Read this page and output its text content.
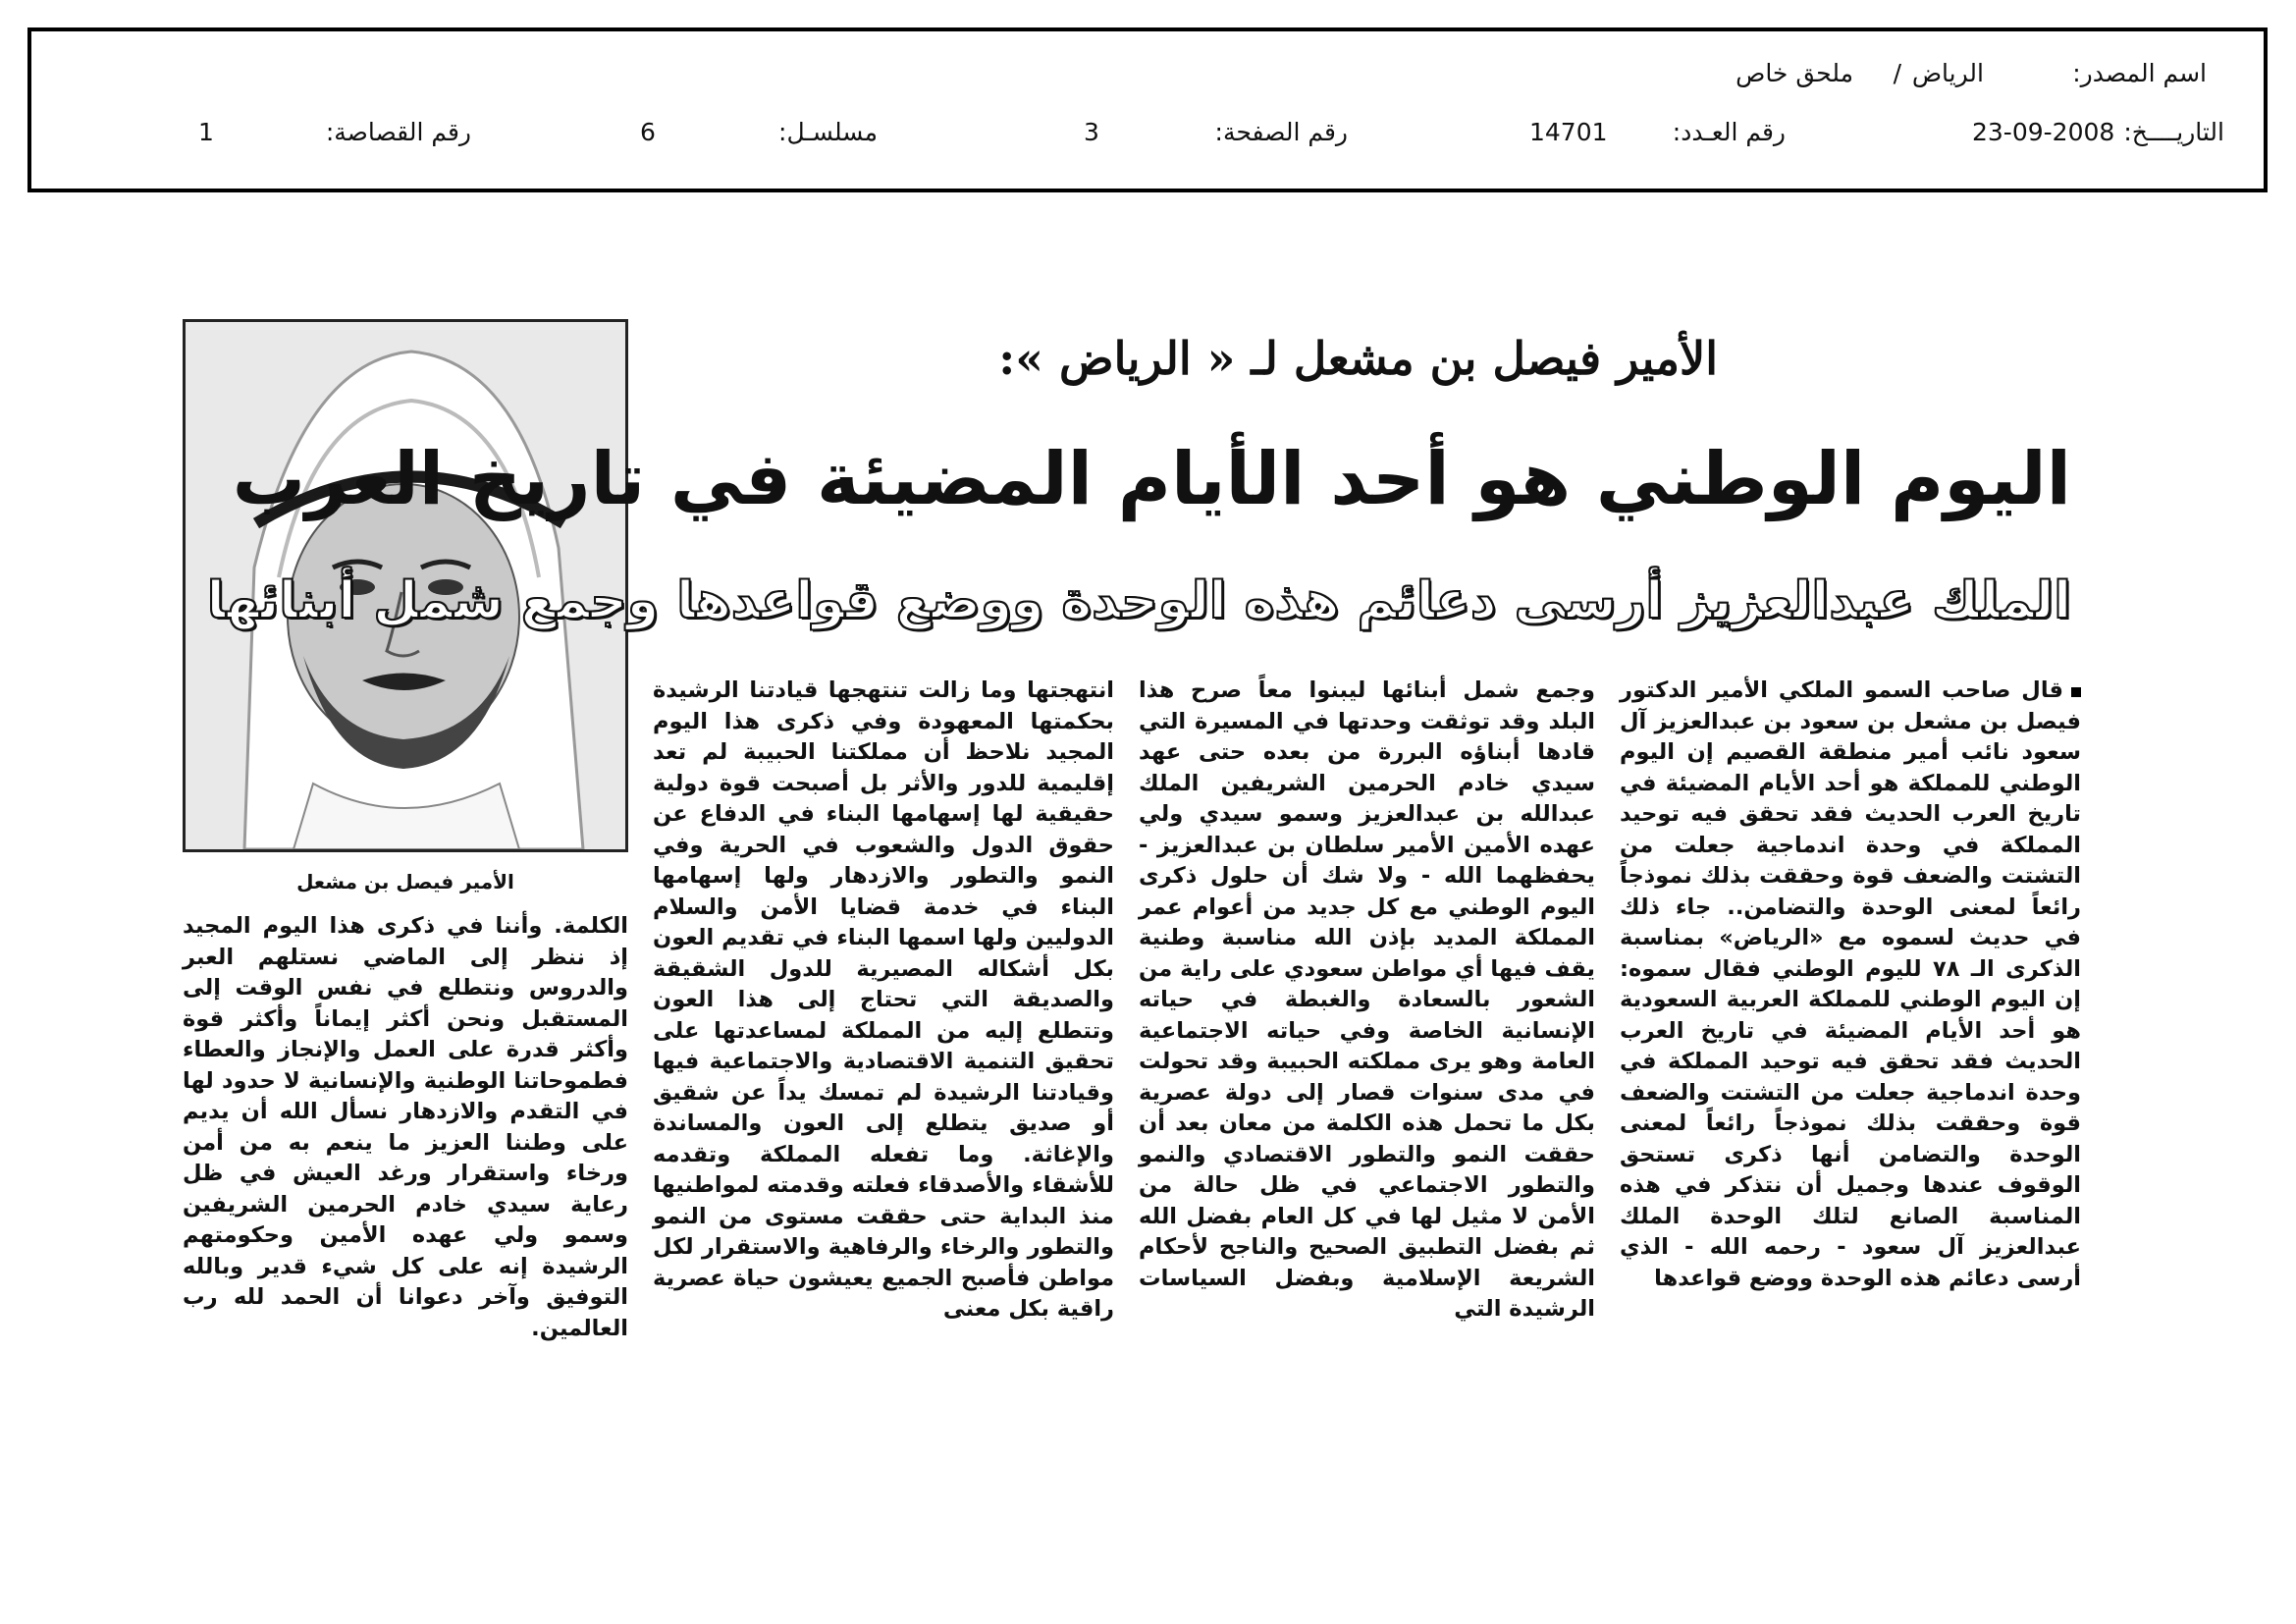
اسم المصدر:
الرياض
/
ملحق خاص
التاريــــخ:
23-09-2008
رقم العـدد:
14701
رقم الصفحة:
3
مسلسـل:
6
رقم القصاصة:
1
الأمير فيصل بن مشعل
الأمير فيصل بن مشعل لـ « الرياض »:
اليوم الوطني هو أحد الأيام المضيئة في تاريخ العرب
الملك عبدالعزيز أرسى دعائم هذه الوحدة ووضع قواعدها وجمع شمل أبنائها
قال صاحب السمو الملكي الأمير الدكتور فيصل بن مشعل بن سعود بن عبدالعزيز آل سعود نائب أمير منطقة القصيم إن اليوم الوطني للمملكة هو أحد الأيام المضيئة في تاريخ العرب الحديث فقد تحقق فيه توحيد المملكة في وحدة اندماجية جعلت من التشتت والضعف قوة وحققت بذلك نموذجاً رائعاً لمعنى الوحدة والتضامن.. جاء ذلك في حديث لسموه مع «الرياض» بمناسبة الذكرى الـ ٧٨ لليوم الوطني فقال سموه: إن اليوم الوطني للمملكة العربية السعودية هو أحد الأيام المضيئة في تاريخ العرب الحديث فقد تحقق فيه توحيد المملكة في وحدة اندماجية جعلت من التشتت والضعف قوة وحققت بذلك نموذجاً رائعاً لمعنى الوحدة والتضامن أنها ذكرى تستحق الوقوف عندها وجميل أن نتذكر في هذه المناسبة الصانع لتلك الوحدة الملك عبدالعزيز آل سعود - رحمه الله - الذي أرسى دعائم هذه الوحدة ووضع قواعدها
وجمع شمل أبنائها ليبنوا معاً صرح هذا البلد وقد توثقت وحدتها في المسيرة التي قادها أبناؤه البررة من بعده حتى عهد سيدي خادم الحرمين الشريفين الملك عبدالله بن عبدالعزيز وسمو سيدي ولي عهده الأمين الأمير سلطان بن عبدالعزيز - يحفظهما الله - ولا شك أن حلول ذكرى اليوم الوطني مع كل جديد من أعوام عمر المملكة المديد بإذن الله مناسبة وطنية يقف فيها أي مواطن سعودي على راية من الشعور بالسعادة والغبطة في حياته الإنسانية الخاصة وفي حياته الاجتماعية العامة وهو يرى مملكته الحبيبة وقد تحولت في مدى سنوات قصار إلى دولة عصرية بكل ما تحمل هذه الكلمة من معان بعد أن حققت النمو والتطور الاقتصادي والنمو والتطور الاجتماعي في ظل حالة من الأمن لا مثيل لها في كل العام بفضل الله ثم بفضل التطبيق الصحيح والناجح لأحكام الشريعة الإسلامية وبفضل السياسات الرشيدة التي
انتهجتها وما زالت تنتهجها قيادتنا الرشيدة بحكمتها المعهودة وفي ذكرى هذا اليوم المجيد نلاحظ أن مملكتنا الحبيبة لم تعد إقليمية للدور والأثر بل أصبحت قوة دولية حقيقية لها إسهامها البناء في الدفاع عن حقوق الدول والشعوب في الحرية وفي النمو والتطور والازدهار ولها إسهامها البناء في خدمة قضايا الأمن والسلام الدوليين ولها اسمها البناء في تقديم العون بكل أشكاله المصيرية للدول الشقيقة والصديقة التي تحتاج إلى هذا العون وتتطلع إليه من المملكة لمساعدتها على تحقيق التنمية الاقتصادية والاجتماعية فيها وقيادتنا الرشيدة لم تمسك يداً عن شقيق أو صديق يتطلع إلى العون والمساندة والإغاثة. وما تفعله المملكة وتقدمه للأشقاء والأصدقاء فعلته وقدمته لمواطنيها منذ البداية حتى حققت مستوى من النمو والتطور والرخاء والرفاهية والاستقرار لكل مواطن فأصبح الجميع يعيشون حياة عصرية راقية بكل معنى
الكلمة. وأننا في ذكرى هذا اليوم المجيد إذ ننظر إلى الماضي نستلهم العبر والدروس ونتطلع في نفس الوقت إلى المستقبل ونحن أكثر إيماناً وأكثر قوة وأكثر قدرة على العمل والإنجاز والعطاء فطموحاتنا الوطنية والإنسانية لا حدود لها في التقدم والازدهار نسأل الله أن يديم على وطننا العزيز ما ينعم به من أمن ورخاء واستقرار ورغد العيش في ظل رعاية سيدي خادم الحرمين الشريفين وسمو ولي عهده الأمين وحكومتهم الرشيدة إنه على كل شيء قدير وبالله التوفيق وآخر دعوانا أن الحمد لله رب العالمين.
